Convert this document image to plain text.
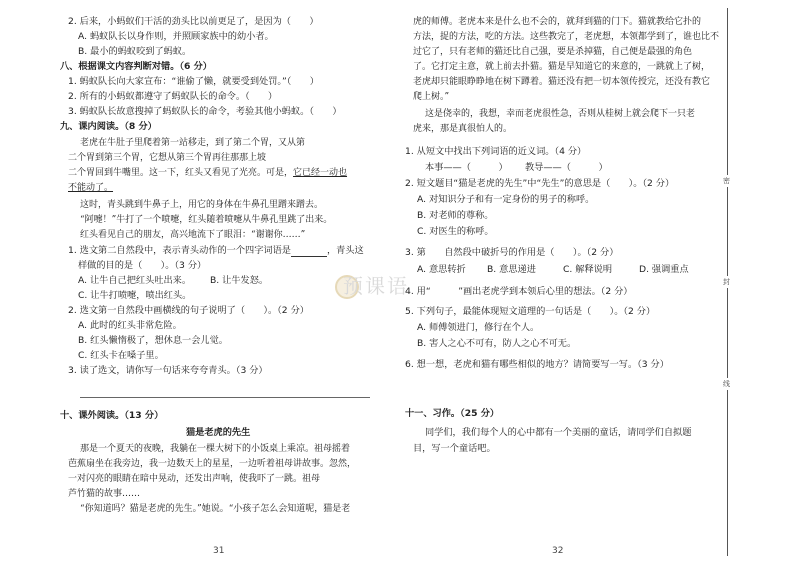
2. 后来，小蚂蚁们干活的劲头比以前更足了，是因为（　　）
A. 蚂蚁队长以身作则，并照顾家族中的幼小者。
B. 最小的蚂蚁咬到了蚂蚁。
八、根据课文内容判断对错。（6 分）
1. 蚂蚁队长向大家宣布：“谁偷了懒，就要受到处罚。”（　　）
2. 所有的小蚂蚁都遵守了蚂蚁队长的命令。（　　）
3. 蚂蚁队长故意搜掉了蚂蚁队长的命令，考验其他小蚂蚁。（　　）
九、课内阅读。（8 分）
老虎在牛肚子里爬着第一站移走，到了第二个胃，又从第
二个胃到第三个胃，它想从第三个胃再往那那上坡
二个胃回到牛嘴里。这一下，红头又看见了光亮。可是，它已经一动也
不能动了。
这时，青头跳到牛鼻子上，用它的身体在牛鼻孔里蹭来蹭去。
“阿嚏！”牛打了一个喷嚏，红头随着喷嚏从牛鼻孔里跳了出来。
红头看见自己的朋友，高兴地流下了眼泪：“谢谢你……”
1. 选文第二自然段中，表示青头动作的一个四字词语是	，青头这
样做的目的是（　　）。（3 分）
A. 让牛自己把红头吐出来。 B. 让牛发怒。
C. 让牛打喷嚏，喷出红头。
2. 选文第一自然段中画横线的句子说明了（　　）。（2 分）
A. 此时的红头非常危险。
B. 红头懒惰极了，想休息一会儿觉。
C. 红头卡在嗓子里。
3. 读了选文，请你写一句话来夸夸青头。（3 分）
十、课外阅读。（13 分）
猫是老虎的先生
那是一个夏天的夜晚，我躺在一棵大树下的小饭桌上乘凉。祖母摇着
芭蕉扇坐在我旁边，我一边数天上的星星，一边听着祖母讲故事。忽然，
一对闪亮的眼睛在暗中晃动，还发出声响，使我吓了一跳。祖母
芦竹猫的故事……
“你知道吗？猫是老虎的先生。”她说。“小孩子怎么会知道呢，猫是老
31
虎的师傅。老虎本来是什么也不会的，就拜到猫的门下。猫就教给它扑的
方法，捉的方法，吃的方法。这些教完了，老虎想，本领都学到了，谁也比不
过它了，只有老师的猫还比自己强，要是杀掉猫，自己便是最强的角色
了。它打定主意，就上前去扑猫。猫是早知道它的来意的，一跳就上了树，
老虎却只能眼睁睁地在树下蹲着。猫还没有把一切本领传授完，还没有教它
爬上树。”
这是侥幸的，我想，幸而老虎很性急，否则从桂树上就会爬下一只老
虎来，那是真很怕人的。
1. 从短文中找出下列词语的近义词。（4 分）
本事——（　　　） 教导——（　　　）
2. 短文题目“猫是老虎的先生”中“先生”的意思是（　　）。（2 分）
A. 对知识分子和有一定身份的男子的称呼。
B. 对老师的尊称。
C. 对医生的称呼。
3. 第　　自然段中破折号的作用是（　　）。（2 分）
A. 意思转折 B. 意思递进	C. 解释说明	D. 强调重点
4. 用“　　　”画出老虎学到本领后心里的想法。（2 分）
5. 下列句子，最能体现短文道理的一句话是（　　）。（2 分）
A. 师傅领进门，修行在个人。
B. 害人之心不可有，防人之心不可无。
6. 想一想，老虎和猫有哪些相似的地方？请简要写一写。（3 分）
十一、习作。（25 分）
同学们，我们每个人的心中都有一个美丽的童话，请同学们自拟题
目，写一个童话吧。
32
密
封
线
预课语
